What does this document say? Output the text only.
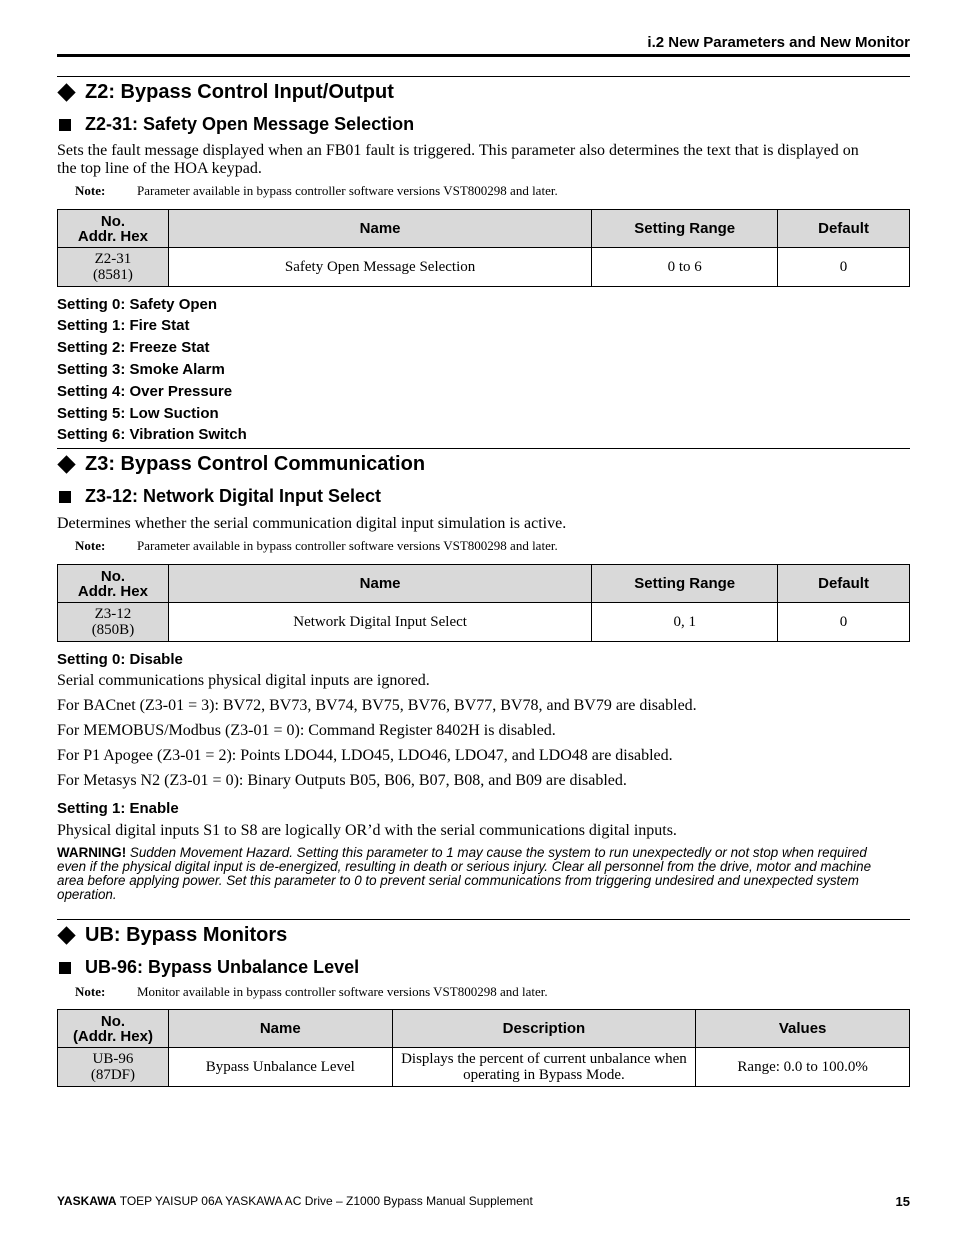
i.2 New Parameters and New Monitor
Z2: Bypass Control Input/Output
Z2-31: Safety Open Message Selection
Sets the fault message displayed when an FB01 fault is triggered. This parameter also determines the text that is displayed on
the top line of the HOA keypad.
Note: Parameter available in bypass controller software versions VST800298 and later.
No.
Addr. Hex	Name	Setting Range	Default
Z2-31
(8581)	Safety Open Message Selection	0 to 6	0
Setting 0: Safety Open
Setting 1: Fire Stat
Setting 2: Freeze Stat
Setting 3: Smoke Alarm
Setting 4: Over Pressure
Setting 5: Low Suction
Setting 6: Vibration Switch
Z3: Bypass Control Communication
Z3-12: Network Digital Input Select
Determines whether the serial communication digital input simulation is active.
Note: Parameter available in bypass controller software versions VST800298 and later.
No.
Addr. Hex	Name	Setting Range	Default
Z3-12
(850B)	Network Digital Input Select	0, 1	0
Setting 0: Disable
Serial communications physical digital inputs are ignored.
For BACnet (Z3-01 = 3): BV72, BV73, BV74, BV75, BV76, BV77, BV78, and BV79 are disabled.
For MEMOBUS/Modbus (Z3-01 = 0): Command Register 8402H is disabled.
For P1 Apogee (Z3-01 = 2): Points LDO44, LDO45, LDO46, LDO47, and LDO48 are disabled.
For Metasys N2 (Z3-01 = 0): Binary Outputs B05, B06, B07, B08, and B09 are disabled.
Setting 1: Enable
Physical digital inputs S1 to S8 are logically OR’d with the serial communications digital inputs.
WARNING! Sudden Movement Hazard. Setting this parameter to 1 may cause the system to run unexpectedly or not stop when required
even if the physical digital input is de-energized, resulting in death or serious injury. Clear all personnel from the drive, motor and machine
area before applying power. Set this parameter to 0 to prevent serial communications from triggering undesired and unexpected system
operation.
UB: Bypass Monitors
UB-96: Bypass Unbalance Level
Note: Monitor available in bypass controller software versions VST800298 and later.
No.
(Addr. Hex)	Name	Description	Values
UB-96
(87DF)	Bypass Unbalance Level	Displays the percent of current unbalance when
operating in Bypass Mode.	Range: 0.0 to 100.0%
YASKAWA TOEP YAISUP 06A YASKAWA AC Drive – Z1000 Bypass Manual Supplement	15
